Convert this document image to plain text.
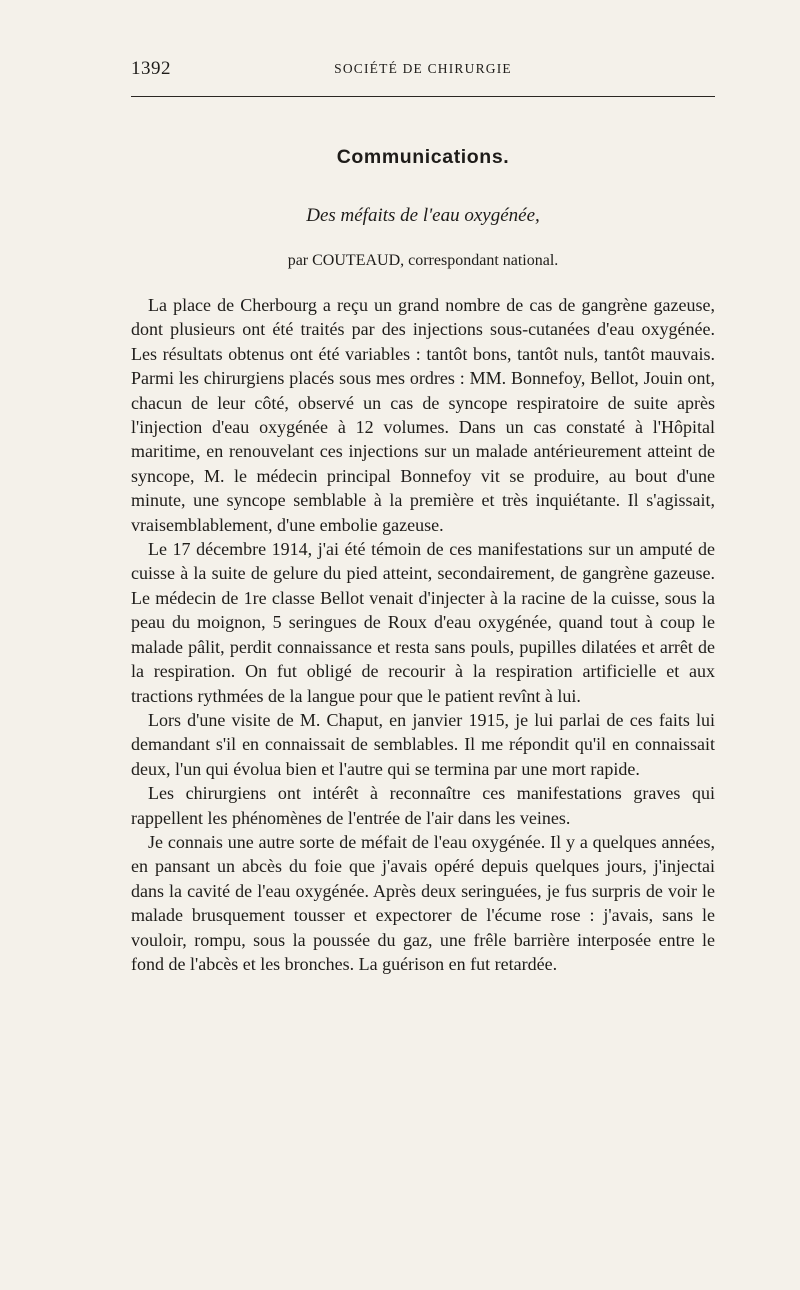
1392	SOCIÉTÉ DE CHIRURGIE
Communications.
Des méfaits de l'eau oxygénée,
par COUTEAUD, correspondant national.

La place de Cherbourg a reçu un grand nombre de cas de gangrène gazeuse, dont plusieurs ont été traités par des injections sous-cutanées d'eau oxygénée. Les résultats obtenus ont été variables : tantôt bons, tantôt nuls, tantôt mauvais. Parmi les chirurgiens placés sous mes ordres : MM. Bonnefoy, Bellot, Jouin ont, chacun de leur côté, observé un cas de syncope respiratoire de suite après l'injection d'eau oxygénée à 12 volumes. Dans un cas constaté à l'Hôpital maritime, en renouvelant ces injections sur un malade antérieurement atteint de syncope, M. le médecin principal Bonnefoy vit se produire, au bout d'une minute, une syncope semblable à la première et très inquiétante. Il s'agissait, vraisemblablement, d'une embolie gazeuse.

Le 17 décembre 1914, j'ai été témoin de ces manifestations sur un amputé de cuisse à la suite de gelure du pied atteint, secondairement, de gangrène gazeuse. Le médecin de 1re classe Bellot venait d'injecter à la racine de la cuisse, sous la peau du moignon, 5 seringues de Roux d'eau oxygénée, quand tout à coup le malade pâlit, perdit connaissance et resta sans pouls, pupilles dilatées et arrêt de la respiration. On fut obligé de recourir à la respiration artificielle et aux tractions rythmées de la langue pour que le patient revînt à lui.

Lors d'une visite de M. Chaput, en janvier 1915, je lui parlai de ces faits lui demandant s'il en connaissait de semblables. Il me répondit qu'il en connaissait deux, l'un qui évolua bien et l'autre qui se termina par une mort rapide.

Les chirurgiens ont intérêt à reconnaître ces manifestations graves qui rappellent les phénomènes de l'entrée de l'air dans les veines.

Je connais une autre sorte de méfait de l'eau oxygénée. Il y a quelques années, en pansant un abcès du foie que j'avais opéré depuis quelques jours, j'injectai dans la cavité de l'eau oxygénée. Après deux seringuées, je fus surpris de voir le malade brusquement tousser et expectorer de l'écume rose : j'avais, sans le vouloir, rompu, sous la poussée du gaz, une frêle barrière interposée entre le fond de l'abcès et les bronches. La guérison en fut retardée.
